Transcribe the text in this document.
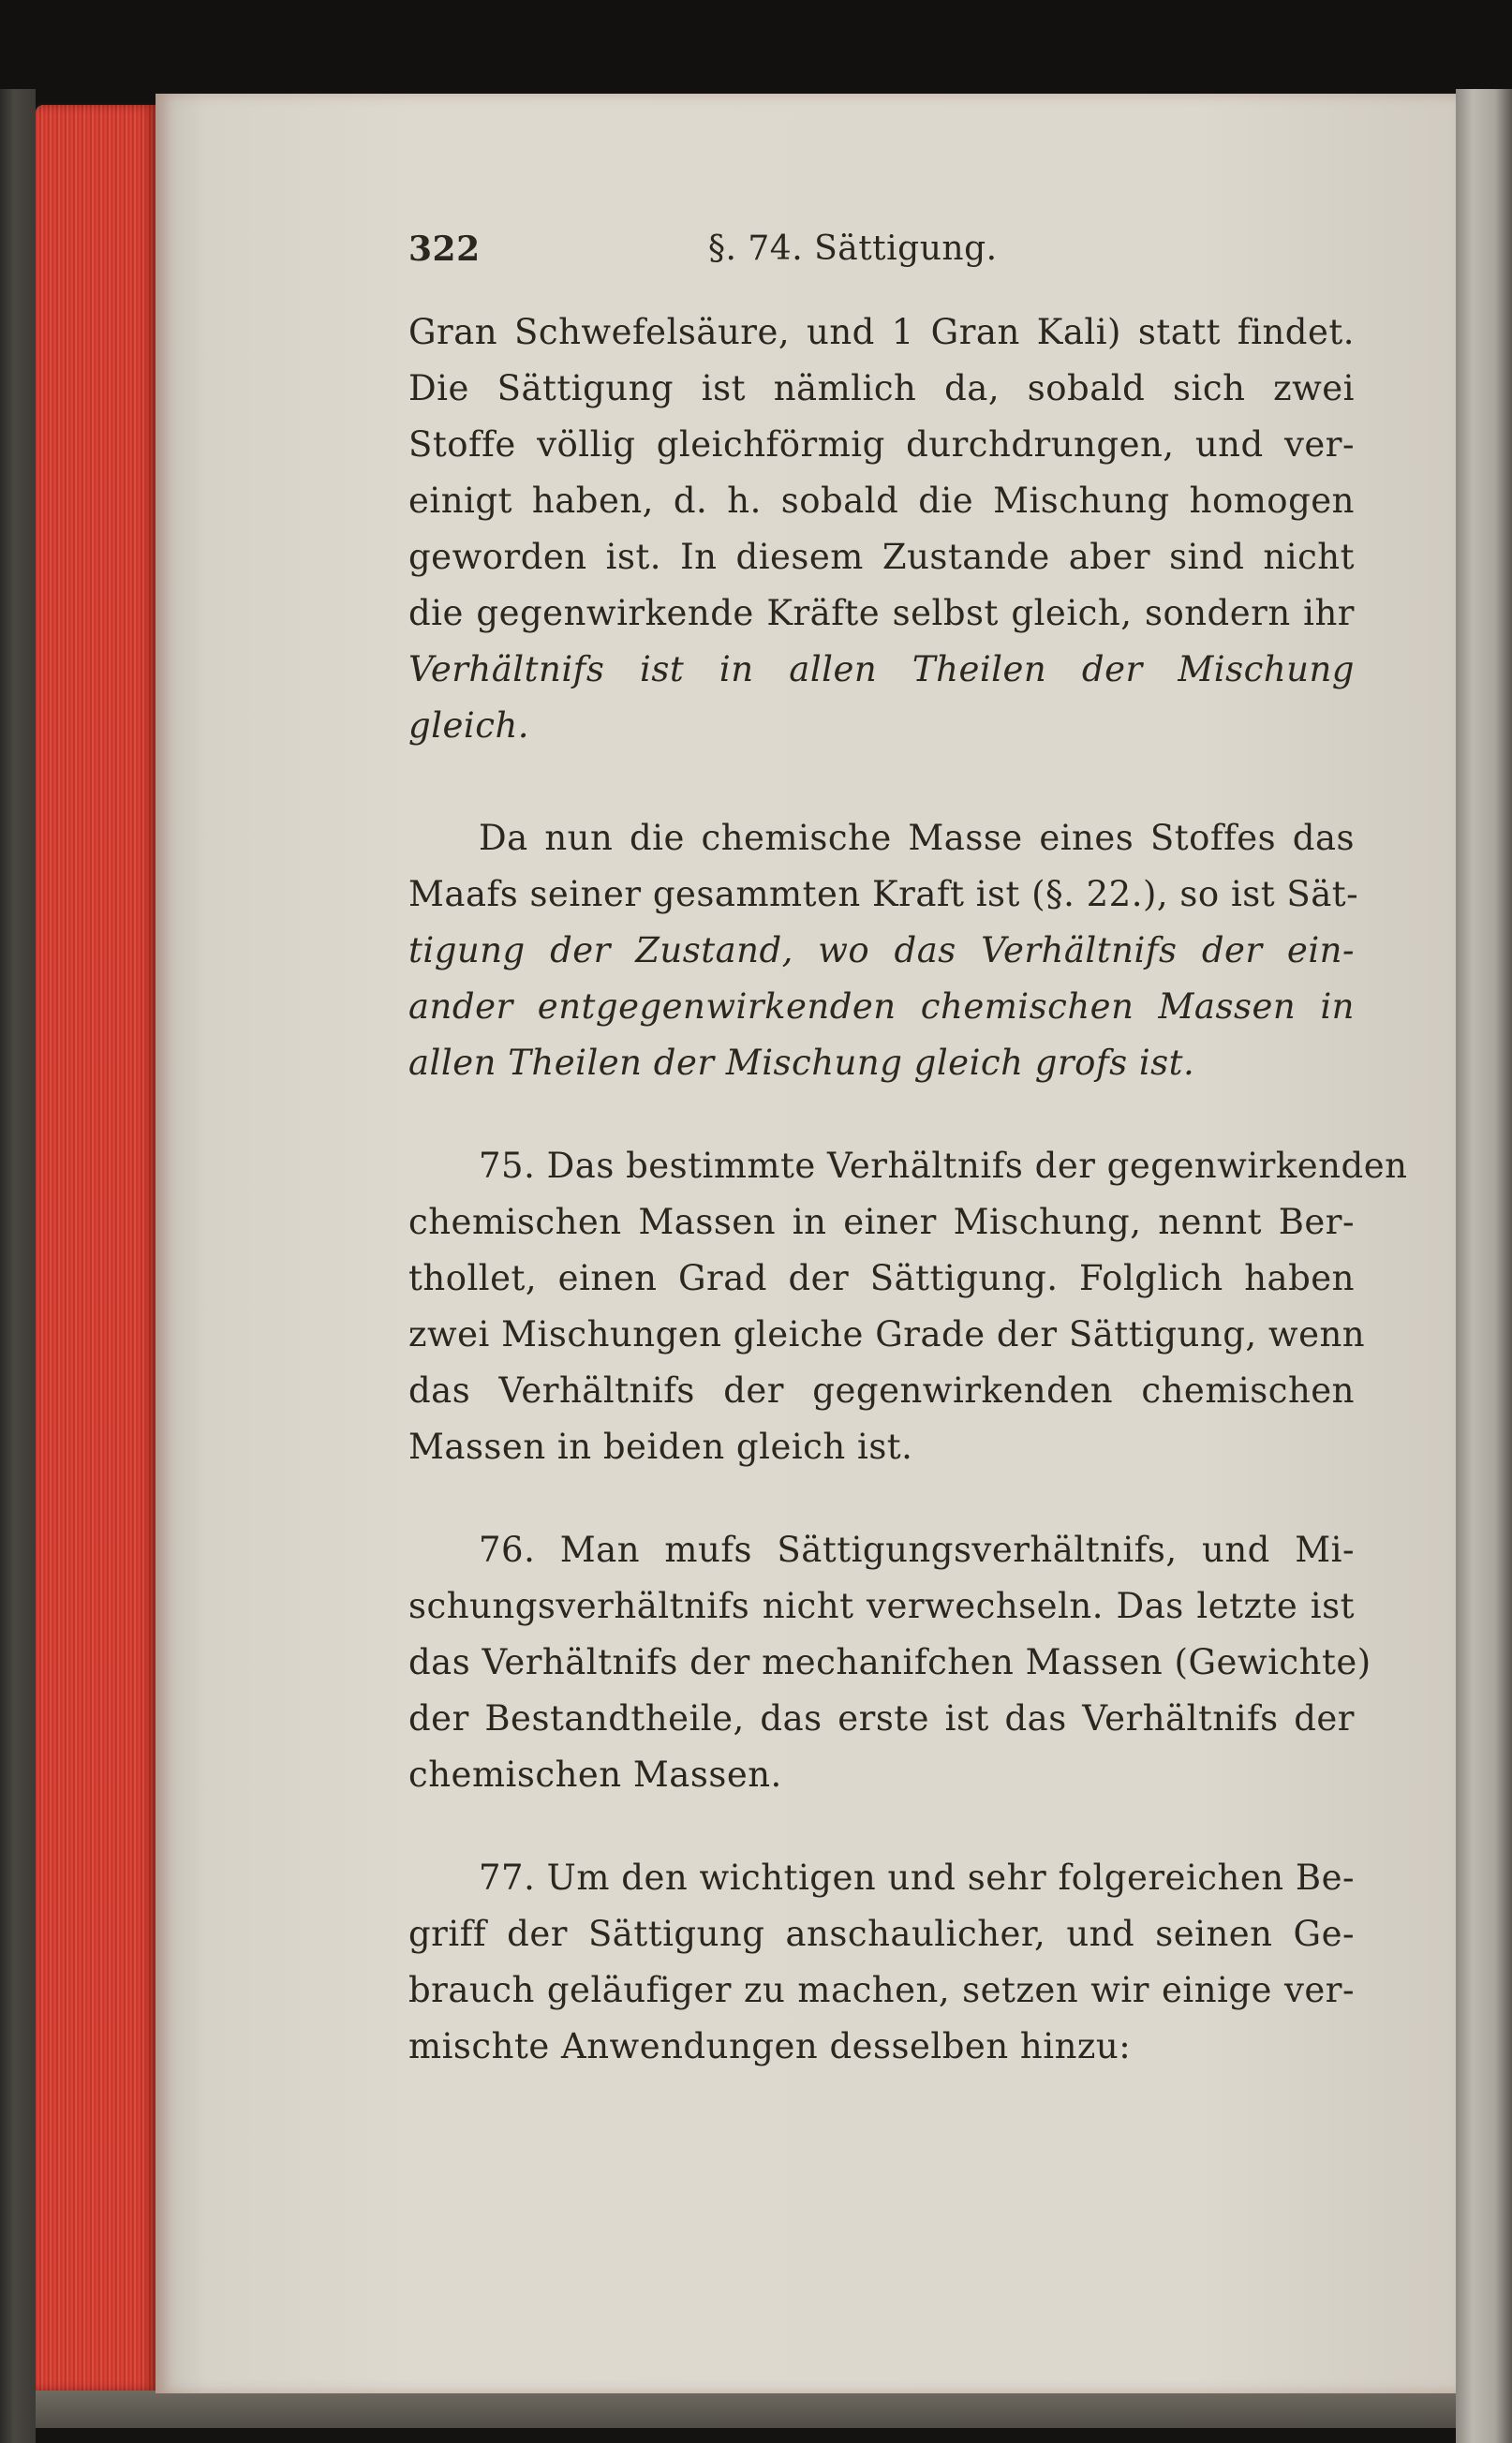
322	§. 74. Sättigung.
Gran Schwefelsäure, und 1 Gran Kali) statt findet.
Die Sättigung ist nämlich da, sobald sich zwei
Stoffe völlig gleichförmig durchdrungen, und ver-
einigt haben, d. h. sobald die Mischung homogen
geworden ist. In diesem Zustande aber sind nicht
die gegenwirkende Kräfte selbst gleich, sondern ihr
Verhältnifs ist in allen Theilen der Mischung
gleich.
Da nun die chemische Masse eines Stoffes das
Maafs seiner gesammten Kraft ist (§. 22.), so ist Sät-
tigung der Zustand, wo das Verhältnifs der ein-
ander entgegenwirkenden chemischen Massen in
allen Theilen der Mischung gleich grofs ist.
75. Das bestimmte Verhältnifs der gegenwirkenden
chemischen Massen in einer Mischung, nennt Ber-
thollet, einen Grad der Sättigung. Folglich haben
zwei Mischungen gleiche Grade der Sättigung, wenn
das Verhältnifs der gegenwirkenden chemischen
Massen in beiden gleich ist.
76. Man mufs Sättigungsverhältnifs, und Mi-
schungsverhältnifs nicht verwechseln. Das letzte ist
das Verhältnifs der mechanifchen Massen (Gewichte)
der Bestandtheile, das erste ist das Verhältnifs der
chemischen Massen.
77. Um den wichtigen und sehr folgereichen Be-
griff der Sättigung anschaulicher, und seinen Ge-
brauch geläufiger zu machen, setzen wir einige ver-
mischte Anwendungen desselben hinzu:
